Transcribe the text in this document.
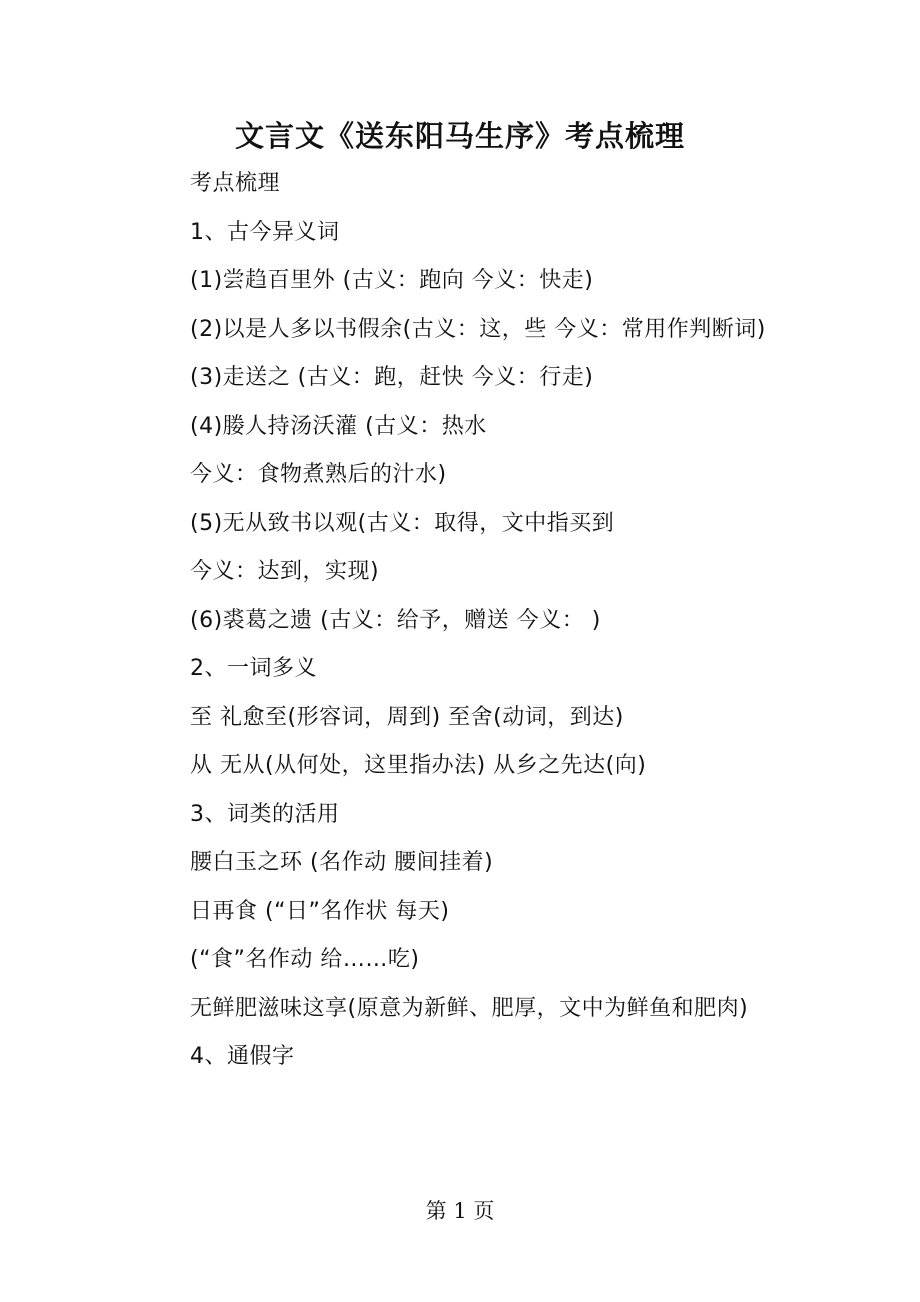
文言文《送东阳马生序》考点梳理

考点梳理

1、古今异义词

(1)尝趋百里外 (古义：跑向 今义：快走)

(2)以是人多以书假余(古义：这，些 今义：常用作判断词)

(3)走送之 (古义：跑，赶快 今义：行走)

(4)媵人持汤沃灌 (古义：热水

今义：食物煮熟后的汁水)

(5)无从致书以观(古义：取得，文中指买到

今义：达到，实现)

(6)裘葛之遗 (古义：给予，赠送 今义： )

2、一词多义

至 礼愈至(形容词，周到) 至舍(动词，到达)

从 无从(从何处，这里指办法) 从乡之先达(向)

3、词类的活用

腰白玉之环 (名作动 腰间挂着)

日再食 (“日”名作状 每天)

(“食”名作动 给……吃)

无鲜肥滋味这享(原意为新鲜、肥厚，文中为鲜鱼和肥肉)

4、通假字

第 1 页
